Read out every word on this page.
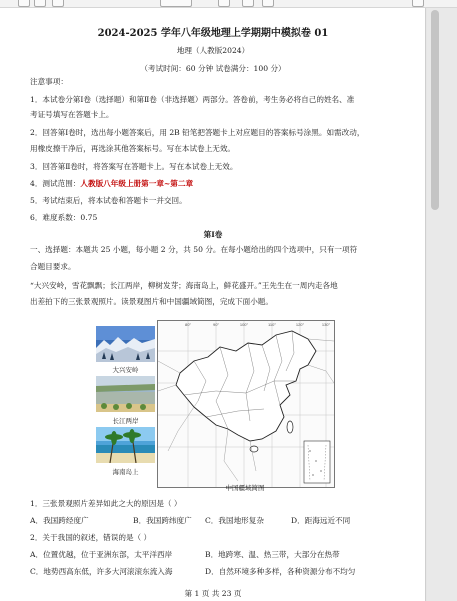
2024-2025 学年八年级地理上学期期中模拟卷 01
地理（人教版2024）
（考试时间：60 分钟 试卷满分：100 分）
注意事项：
1．本试卷分第Ⅰ卷（选择题）和第Ⅱ卷（非选择题）两部分。答卷前，考生务必将自己的姓名、准
考证号填写在答题卡上。
2．回答第Ⅰ卷时，选出每小题答案后，用 2B 铅笔把答题卡上对应题目的答案标号涂黑。如需改动，
用橡皮擦干净后，再选涂其他答案标号。写在本试卷上无效。
3．回答第Ⅱ卷时，将答案写在答题卡上。写在本试卷上无效。
4．测试范围：人教版八年级上册第一章~第二章
5．考试结束后，将本试卷和答题卡一并交回。
6．难度系数：0.75
第Ⅰ卷
一、选择题：本题共 25 小题，每小题 2 分，共 50 分。在每小题给出的四个选项中，只有一项符
合题目要求。
“大兴安岭，雪花飘飘；长江两岸，柳树发芽；海南岛上，鲜花盛开。”王先生在一周内走各地
出差拍下的三张景观照片。读景观图片和中国疆域简图，完成下面小题。
大兴安岭
长江两岸
海南岛上
80°	90°	100°	110°	120°	130°
中国疆域简图
1．三张景观照片差异如此之大的原因是（ ）
A．我国跨经度广	B．我国跨纬度广 C．我国地形复杂	D．距海远近不同
2．关于我国的叙述，错误的是（ ）
A．位置优越，位于亚洲东部，太平洋西岸	B．地跨寒、温、热三带，大部分在热带
C．地势西高东低，许多大河滚滚东流入海	D．自然环境多种多样，各种资源分布不均匀
第 1 页 共 23 页
